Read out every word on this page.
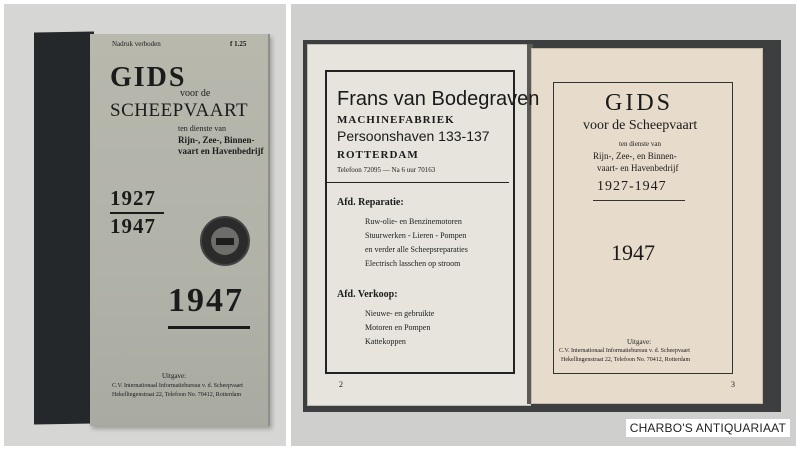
Nadruk verboden	f 1.25
GIDS
voor de
SCHEEPVAART
ten dienste van
Rijn-, Zee-, Binnen-
vaart en Havenbedrijf
1927
1947
1947
Uitgave:
C.V. Internationaal Informatiebureau v. d. Scheepvaart
Hekellingenstraat 22, Telefoon No. 70412, Rotterdam
Frans van Bodegraven
MACHINEFABRIEK
Persoonshaven 133-137
ROTTERDAM
Telefoon 72095 — Na 6 uur 70163
Afd. Reparatie:
Ruw-olie- en Benzinemotoren
Stuurwerken - Lieren - Pompen
en verder alle Scheepsreparaties
Electrisch lasschen op stroom
Afd. Verkoop:
Nieuwe- en gebruikte
Motoren en Pompen
Kattekoppen
2
GIDS
voor de Scheepvaart
ten dienste van
Rijn-, Zee-, en Binnen-
vaart- en Havenbedrijf
1927-1947
1947
Uitgave:
C.V. Internationaal Informatiebureau v. d. Scheepvaart
Hekellingenstraat 22, Telefoon No. 70412, Rotterdam
3
CHARBO'S ANTIQUARIAAT
